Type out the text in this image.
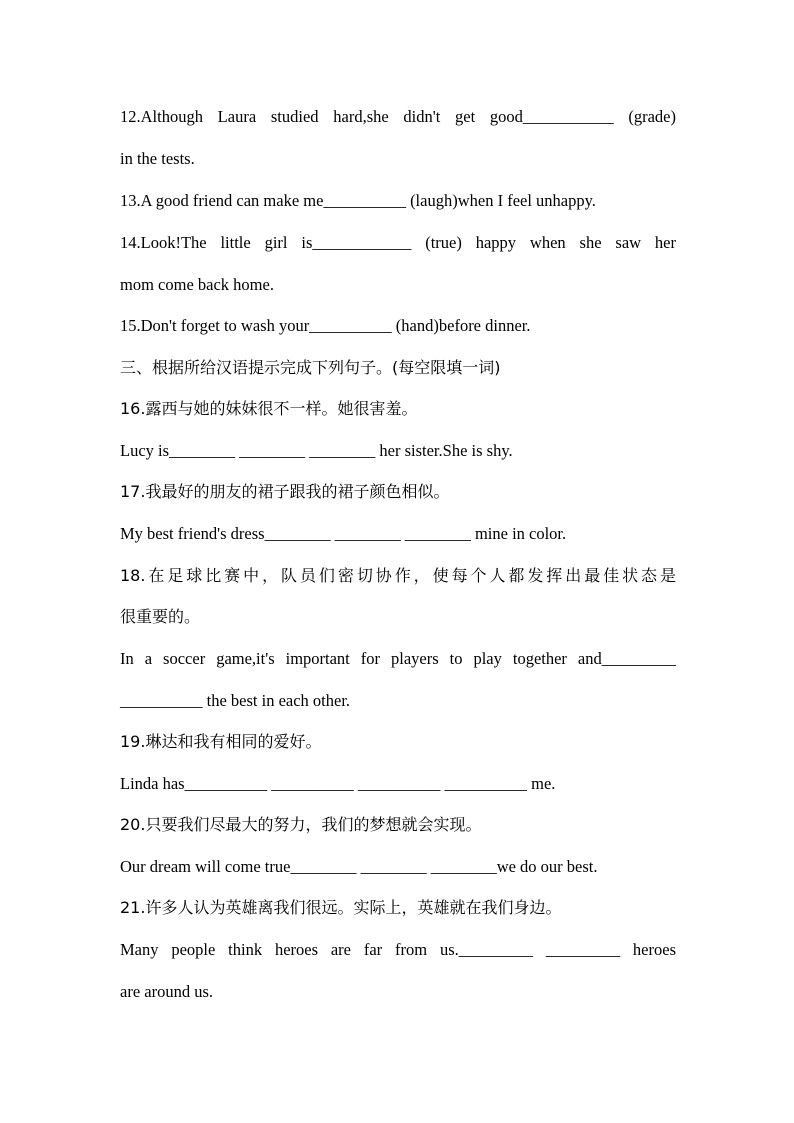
12.Although Laura studied hard,she didn't get good___________ (grade)
in the tests.
13.A good friend can make me__________ (laugh)when I feel unhappy.
14.Look!The little girl is____________ (true) happy when she saw her
mom come back home.
15.Don't forget to wash your__________ (hand)before dinner.
三、根据所给汉语提示完成下列句子。(每空限填一词)
16.露西与她的妹妹很不一样。她很害羞。
Lucy is________ ________ ________ her sister.She is shy.
17.我最好的朋友的裙子跟我的裙子颜色相似。
My best friend's dress________ ________ ________ mine in color.
18.在足球比赛中，队员们密切协作，使每个人都发挥出最佳状态是
很重要的。
In a soccer game,it's important for players to play together and_________
__________ the best in each other.
19.琳达和我有相同的爱好。
Linda has__________ __________ __________ __________ me.
20.只要我们尽最大的努力，我们的梦想就会实现。
Our dream will come true________ ________ ________we do our best.
21.许多人认为英雄离我们很远。实际上，英雄就在我们身边。
Many people think heroes are far from us._________ _________ heroes
are around us.
